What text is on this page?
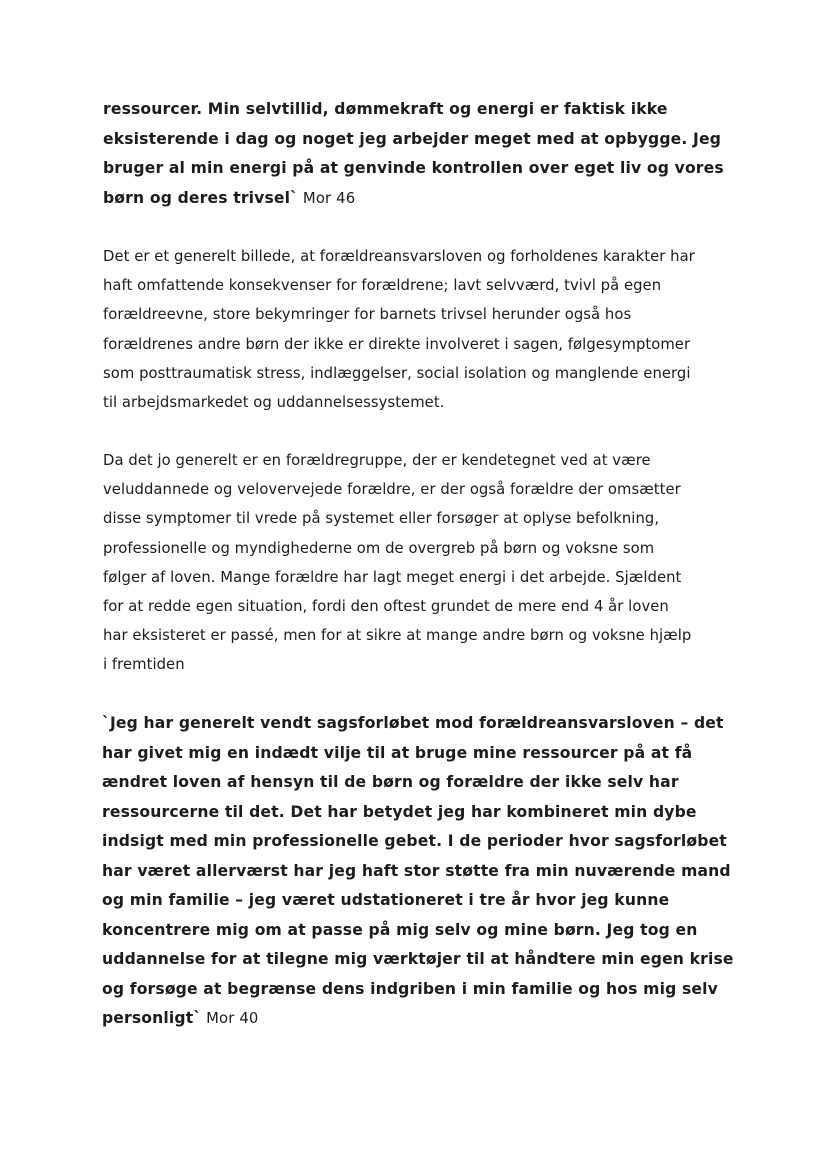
ressourcer. Min selvtillid, dømmekraft og energi er faktisk ikke
eksisterende i dag og noget jeg arbejder meget med at opbygge. Jeg
bruger al min energi på at genvinde kontrollen over eget liv og vores
børn og deres trivsel` Mor 46
Det er et generelt billede, at forældreansvarsloven og forholdenes karakter har
haft omfattende konsekvenser for forældrene; lavt selvværd, tvivl på egen
forældreevne, store bekymringer for barnets trivsel herunder også hos
forældrenes andre børn der ikke er direkte involveret i sagen, følgesymptomer
som posttraumatisk stress, indlæggelser, social isolation og manglende energi
til arbejdsmarkedet og uddannelsessystemet.
Da det jo generelt er en forældregruppe, der er kendetegnet ved at være
veluddannede og velovervejede forældre, er der også forældre der omsætter
disse symptomer til vrede på systemet eller forsøger at oplyse befolkning,
professionelle og myndighederne om de overgreb på børn og voksne som
følger af loven. Mange forældre har lagt meget energi i det arbejde. Sjældent
for at redde egen situation, fordi den oftest grundet de mere end 4 år loven
har eksisteret er passé, men for at sikre at mange andre børn og voksne hjælp
i fremtiden
`Jeg har generelt vendt sagsforløbet mod forældreansvarsloven – det
har givet mig en indædt vilje til at bruge mine ressourcer på at få
ændret loven af hensyn til de børn og forældre der ikke selv har
ressourcerne til det. Det har betydet jeg har kombineret min dybe
indsigt med min professionelle gebet. I de perioder hvor sagsforløbet
har været allerværst har jeg haft stor støtte fra min nuværende mand
og min familie – jeg været udstationeret i tre år hvor jeg kunne
koncentrere mig om at passe på mig selv og mine børn. Jeg tog en
uddannelse for at tilegne mig værktøjer til at håndtere min egen krise
og forsøge at begrænse dens indgriben i min familie og hos mig selv
personligt` Mor 40
